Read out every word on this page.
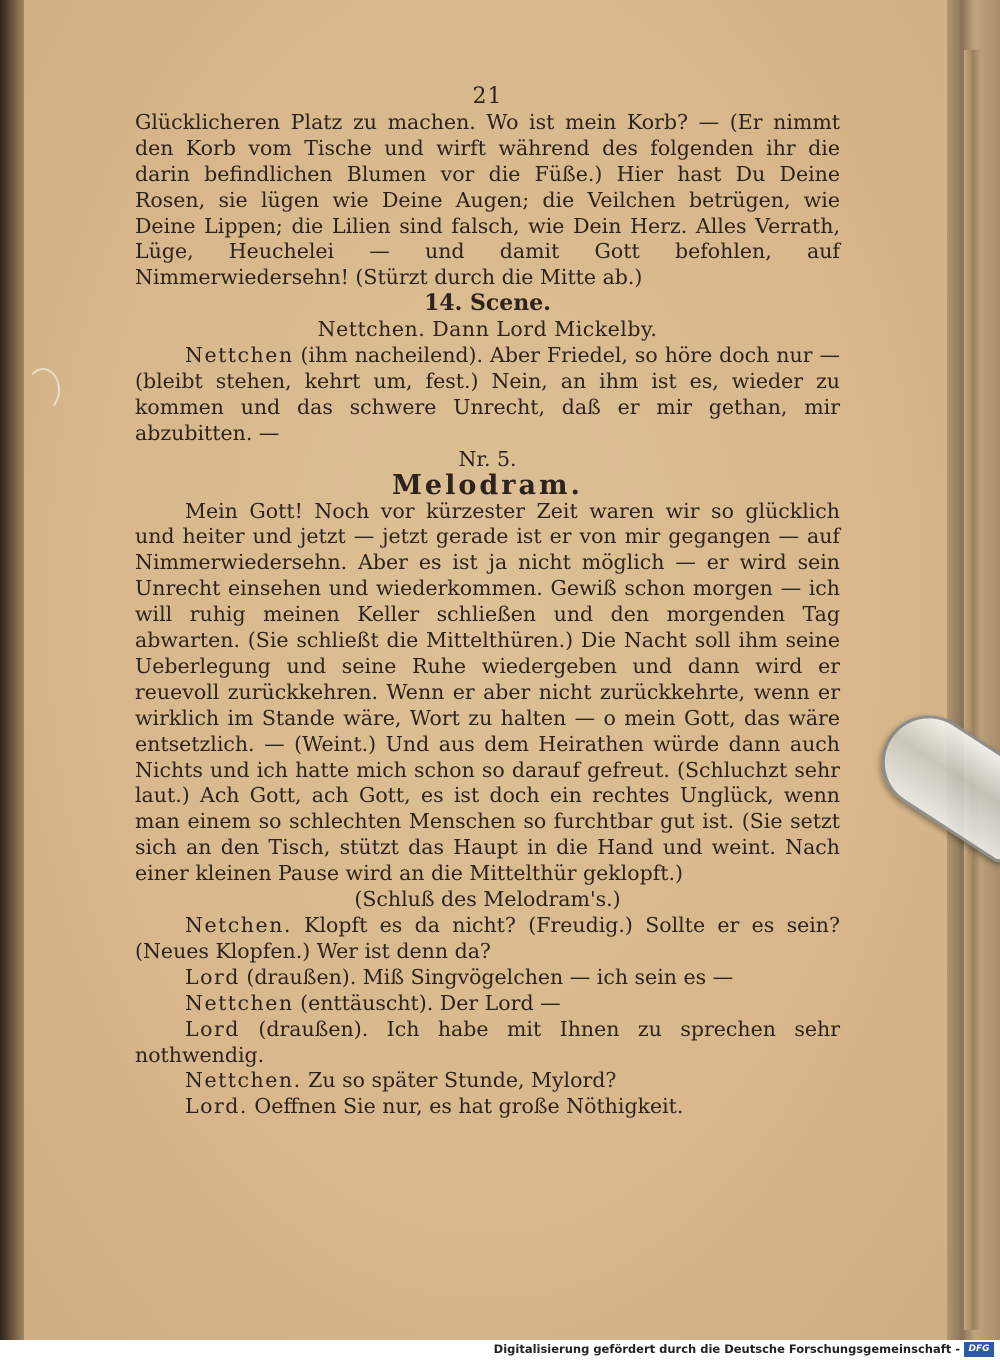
21

Glücklicheren Platz zu machen. Wo ist mein Korb? — (Er nimmt den Korb vom Tische und wirft während des folgenden ihr die darin befindlichen Blumen vor die Füße.) Hier hast Du Deine Rosen, sie lügen wie Deine Augen; die Veilchen betrügen, wie Deine Lippen; die Lilien sind falsch, wie Dein Herz. Alles Verrath, Lüge, Heuchelei — und damit Gott befohlen, auf Nimmerwiedersehn! (Stürzt durch die Mitte ab.)

14. Scene.

Nettchen. Dann Lord Mickelby.

Nettchen (ihm nacheilend). Aber Friedel, so höre doch nur — (bleibt stehen, kehrt um, fest.) Nein, an ihm ist es, wieder zu kommen und das schwere Unrecht, daß er mir gethan, mir abzubitten. —

Nr. 5.

Melodram.

Mein Gott! Noch vor kürzester Zeit waren wir so glücklich und heiter und jetzt — jetzt gerade ist er von mir gegangen — auf Nimmerwiedersehn. Aber es ist ja nicht möglich — er wird sein Unrecht einsehen und wiederkommen. Gewiß schon morgen — ich will ruhig meinen Keller schließen und den morgenden Tag abwarten. (Sie schließt die Mittelthüren.) Die Nacht soll ihm seine Ueberlegung und seine Ruhe wiedergeben und dann wird er reuevoll zurückkehren. Wenn er aber nicht zurückkehrte, wenn er wirklich im Stande wäre, Wort zu halten — o mein Gott, das wäre entsetzlich. — (Weint.) Und aus dem Heirathen würde dann auch Nichts und ich hatte mich schon so darauf gefreut. (Schluchzt sehr laut.) Ach Gott, ach Gott, es ist doch ein rechtes Unglück, wenn man einem so schlechten Menschen so furchtbar gut ist. (Sie setzt sich an den Tisch, stützt das Haupt in die Hand und weint. Nach einer kleinen Pause wird an die Mittelthür geklopft.)

(Schluß des Melodram's.)

Netchen. Klopft es da nicht? (Freudig.) Sollte er es sein? (Neues Klopfen.) Wer ist denn da?

Lord (draußen). Miß Singvögelchen — ich sein es —

Nettchen (enttäuscht). Der Lord —

Lord (draußen). Ich habe mit Ihnen zu sprechen sehr nothwendig.

Nettchen. Zu so später Stunde, Mylord?

Lord. Oeffnen Sie nur, es hat große Nöthigkeit.

Digitalisierung gefördert durch die Deutsche Forschungsgemeinschaft - DFG
